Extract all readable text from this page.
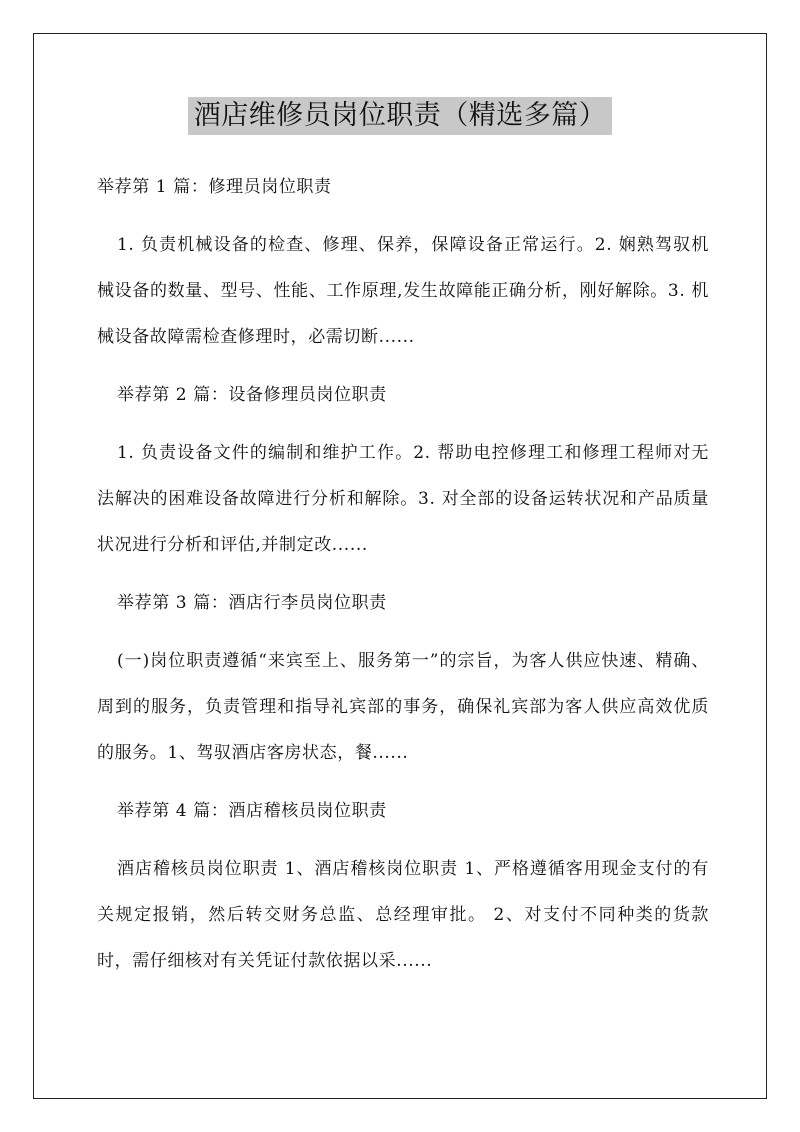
酒店维修员岗位职责（精选多篇）

举荐第 1 篇：修理员岗位职责

1. 负责机械设备的检查、修理、保养，保障设备正常运行。2. 娴熟驾驭机械设备的数量、型号、性能、工作原理,发生故障能正确分析，刚好解除。3. 机械设备故障需检查修理时，必需切断......

举荐第 2 篇：设备修理员岗位职责

1. 负责设备文件的编制和维护工作。2. 帮助电控修理工和修理工程师对无法解决的困难设备故障进行分析和解除。3. 对全部的设备运转状况和产品质量状况进行分析和评估,并制定改......

举荐第 3 篇：酒店行李员岗位职责

(一)岗位职责遵循“来宾至上、服务第一”的宗旨，为客人供应快速、精确、周到的服务，负责管理和指导礼宾部的事务，确保礼宾部为客人供应高效优质的服务。1、驾驭酒店客房状态，餐......

举荐第 4 篇：酒店稽核员岗位职责

酒店稽核员岗位职责 1、酒店稽核岗位职责 1、严格遵循客用现金支付的有关规定报销，然后转交财务总监、总经理审批。 2、对支付不同种类的货款时，需仔细核对有关凭证付款依据以采......
